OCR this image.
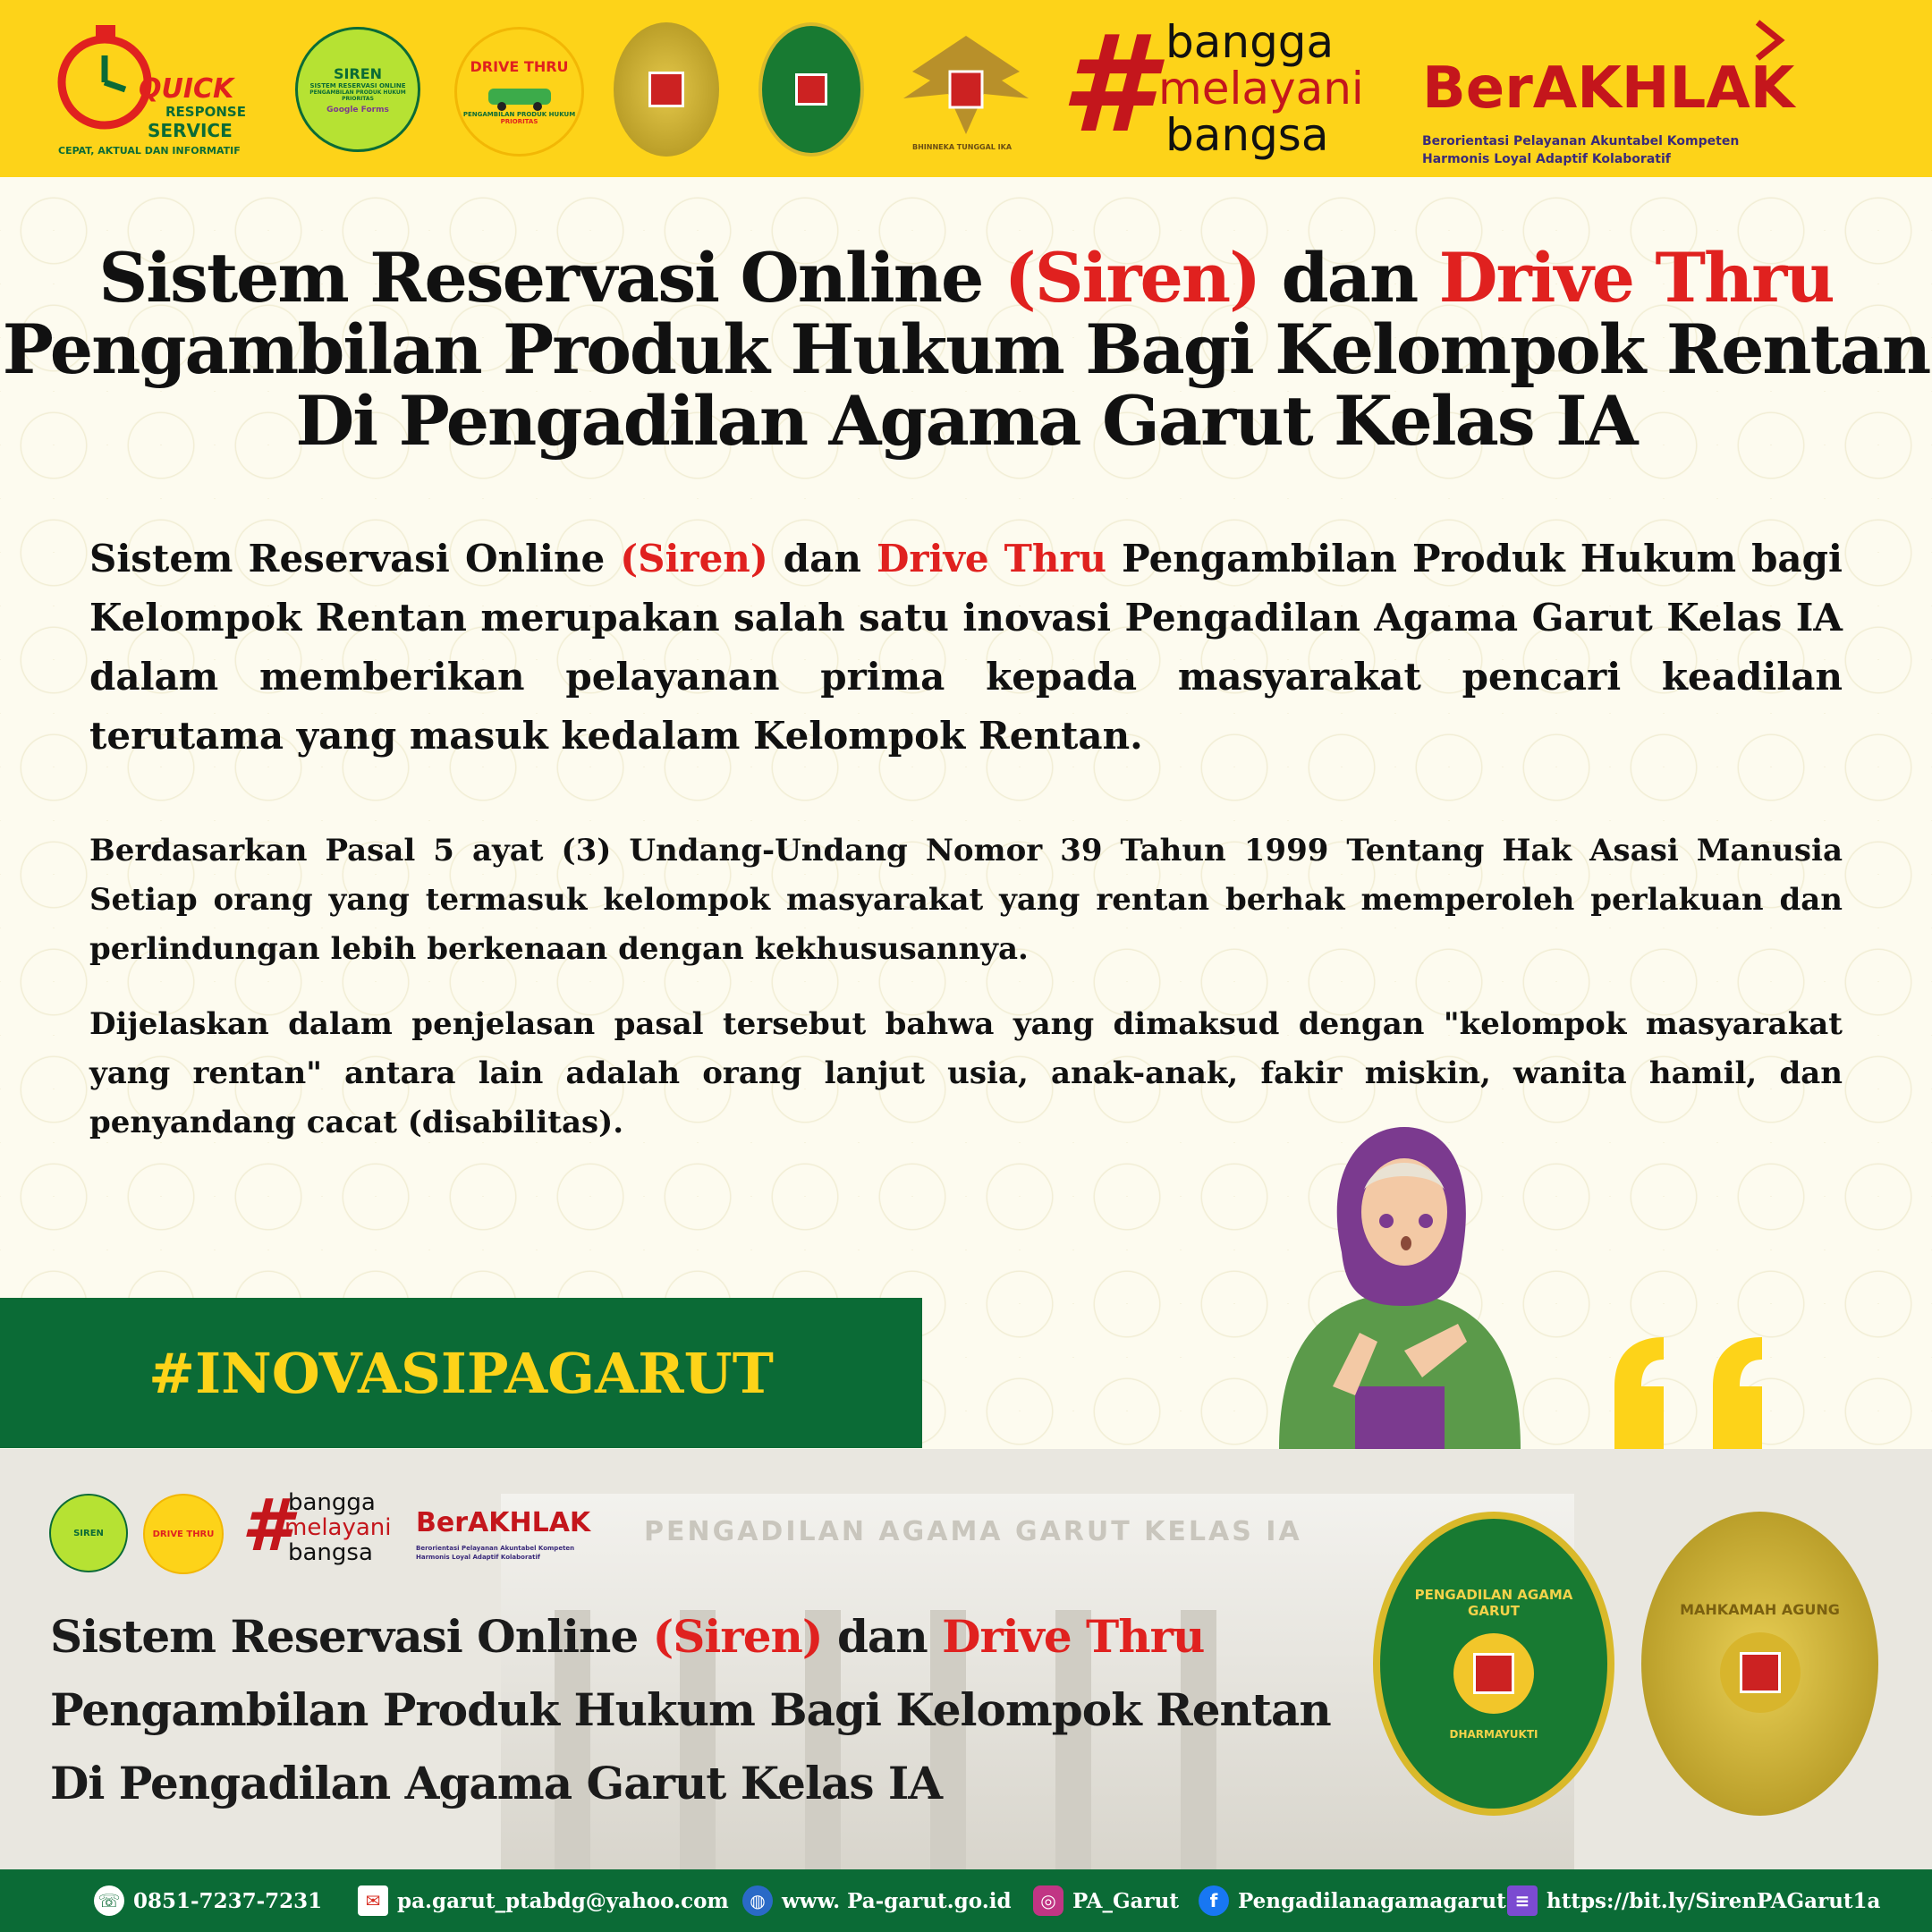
QUICK
RESPONSE
SERVICE
CEPAT, AKTUAL DAN INFORMATIF
SIREN
SISTEM RESERVASI ONLINE
PENGAMBILAN PRODUK HUKUM PRIORITAS
Google Forms
DRIVE THRU
PENGAMBILAN PRODUK HUKUM
PRIORITAS
BHINNEKA TUNGGAL IKA # bangga
melayani
bangsa
BerAKHLAK
Berorientasi Pelayanan Akuntabel Kompeten
Harmonis Loyal Adaptif Kolaboratif
Sistem Reservasi Online (Siren) dan Drive Thru
Pengambilan Produk Hukum Bagi Kelompok Rentan
Di Pengadilan Agama Garut Kelas IA
Sistem Reservasi Online (Siren) dan Drive Thru Pengambilan Produk Hukum bagi Kelompok Rentan merupakan salah satu inovasi Pengadilan Agama Garut Kelas IA dalam memberikan pelayanan prima kepada masyarakat pencari keadilan terutama yang masuk kedalam Kelompok Rentan.
Berdasarkan Pasal 5 ayat (3) Undang-Undang Nomor 39 Tahun 1999 Tentang Hak Asasi Manusia Setiap orang yang termasuk kelompok masyarakat yang rentan berhak memperoleh perlakuan dan perlindungan lebih berkenaan dengan kekhususannya.
Dijelaskan dalam penjelasan pasal tersebut bahwa yang dimaksud dengan "kelompok masyarakat yang rentan" antara lain adalah orang lanjut usia, anak-anak, fakir miskin, wanita hamil, dan penyandang cacat (disabilitas).
#INOVASIPAGARUT
PENGADILAN AGAMA GARUT KELAS IA
SIREN	DRIVE THRU #
bangga
melayani
bangsa
BerAKHLAK
Berorientasi Pelayanan Akuntabel Kompeten
Harmonis Loyal Adaptif Kolaboratif
Sistem Reservasi Online (Siren) dan Drive Thru
Pengambilan Produk Hukum Bagi Kelompok Rentan
Di Pengadilan Agama Garut Kelas IA
PENGADILAN AGAMA GARUT
DHARMAYUKTI
MAHKAMAH AGUNG
☏ 0851-7237-7231	✉ pa.garut_ptabdg@yahoo.com	◍ www. Pa-garut.go.id	◎ PA_Garut	f Pengadilanagamagarut ≡ https://bit.ly/SirenPAGarut1a
